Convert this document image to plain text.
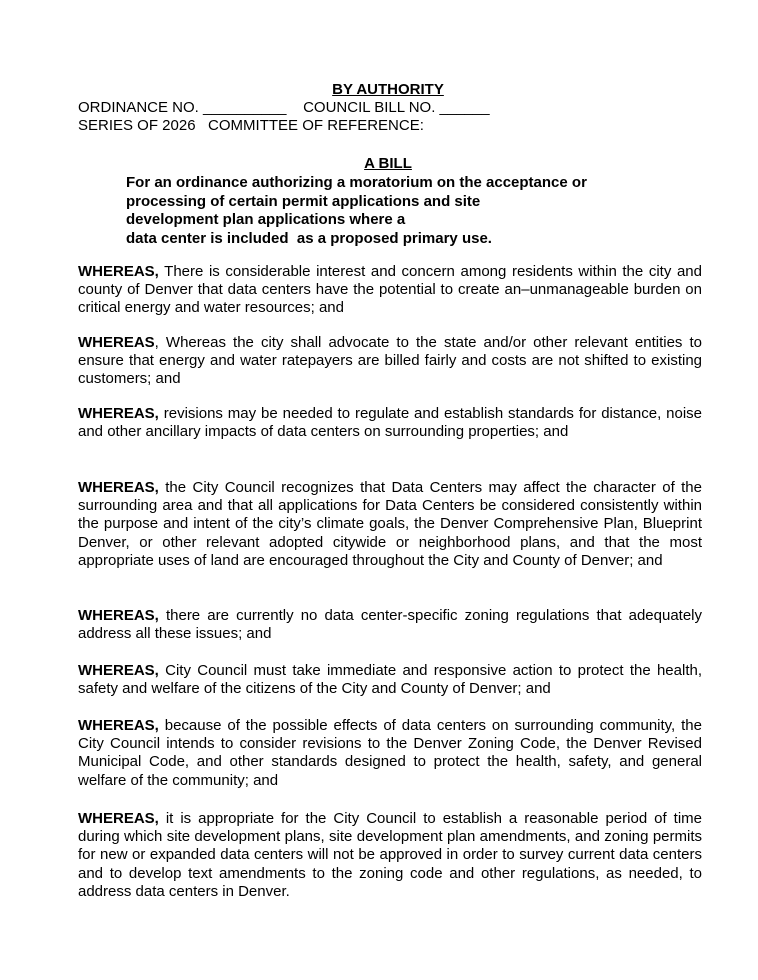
BY AUTHORITY
ORDINANCE NO. __________    COUNCIL BILL NO. ______
SERIES OF 2026   COMMITTEE OF REFERENCE:
A BILL
For an ordinance authorizing a moratorium on the acceptance or
processing of certain permit applications and site
development plan applications where a
data center is included  as a proposed primary use.
WHEREAS, There is considerable interest and concern among residents within the city and county of Denver that data centers have the potential to create an–unmanageable burden on critical energy and water resources; and
WHEREAS, Whereas the city shall advocate to the state and/or other relevant entities to ensure that energy and water ratepayers are billed fairly and costs are not shifted to existing customers; and
WHEREAS, revisions may be needed to regulate and establish standards for distance, noise and other ancillary impacts of data centers on surrounding properties; and
WHEREAS, the City Council recognizes that Data Centers may affect the character of the surrounding area and that all applications for Data Centers be considered consistently within the purpose and intent of the city’s climate goals, the Denver Comprehensive Plan, Blueprint Denver, or other relevant adopted citywide or neighborhood plans, and that the most appropriate uses of land are encouraged throughout the City and County of Denver; and
WHEREAS, there are currently no data center-specific zoning regulations that adequately address all these issues; and
WHEREAS, City Council must take immediate and responsive action to protect the health, safety and welfare of the citizens of the City and County of Denver; and
WHEREAS, because of the possible effects of data centers on surrounding community, the City Council intends to consider revisions to the Denver Zoning Code, the Denver Revised Municipal Code, and other standards designed to protect the health, safety, and general welfare of the community; and
WHEREAS, it is appropriate for the City Council to establish a reasonable period of time during which site development plans, site development plan amendments, and zoning permits for new or expanded data centers will not be approved in order to survey current data centers and to develop text amendments to the zoning code and other regulations, as needed, to address data centers in Denver.
